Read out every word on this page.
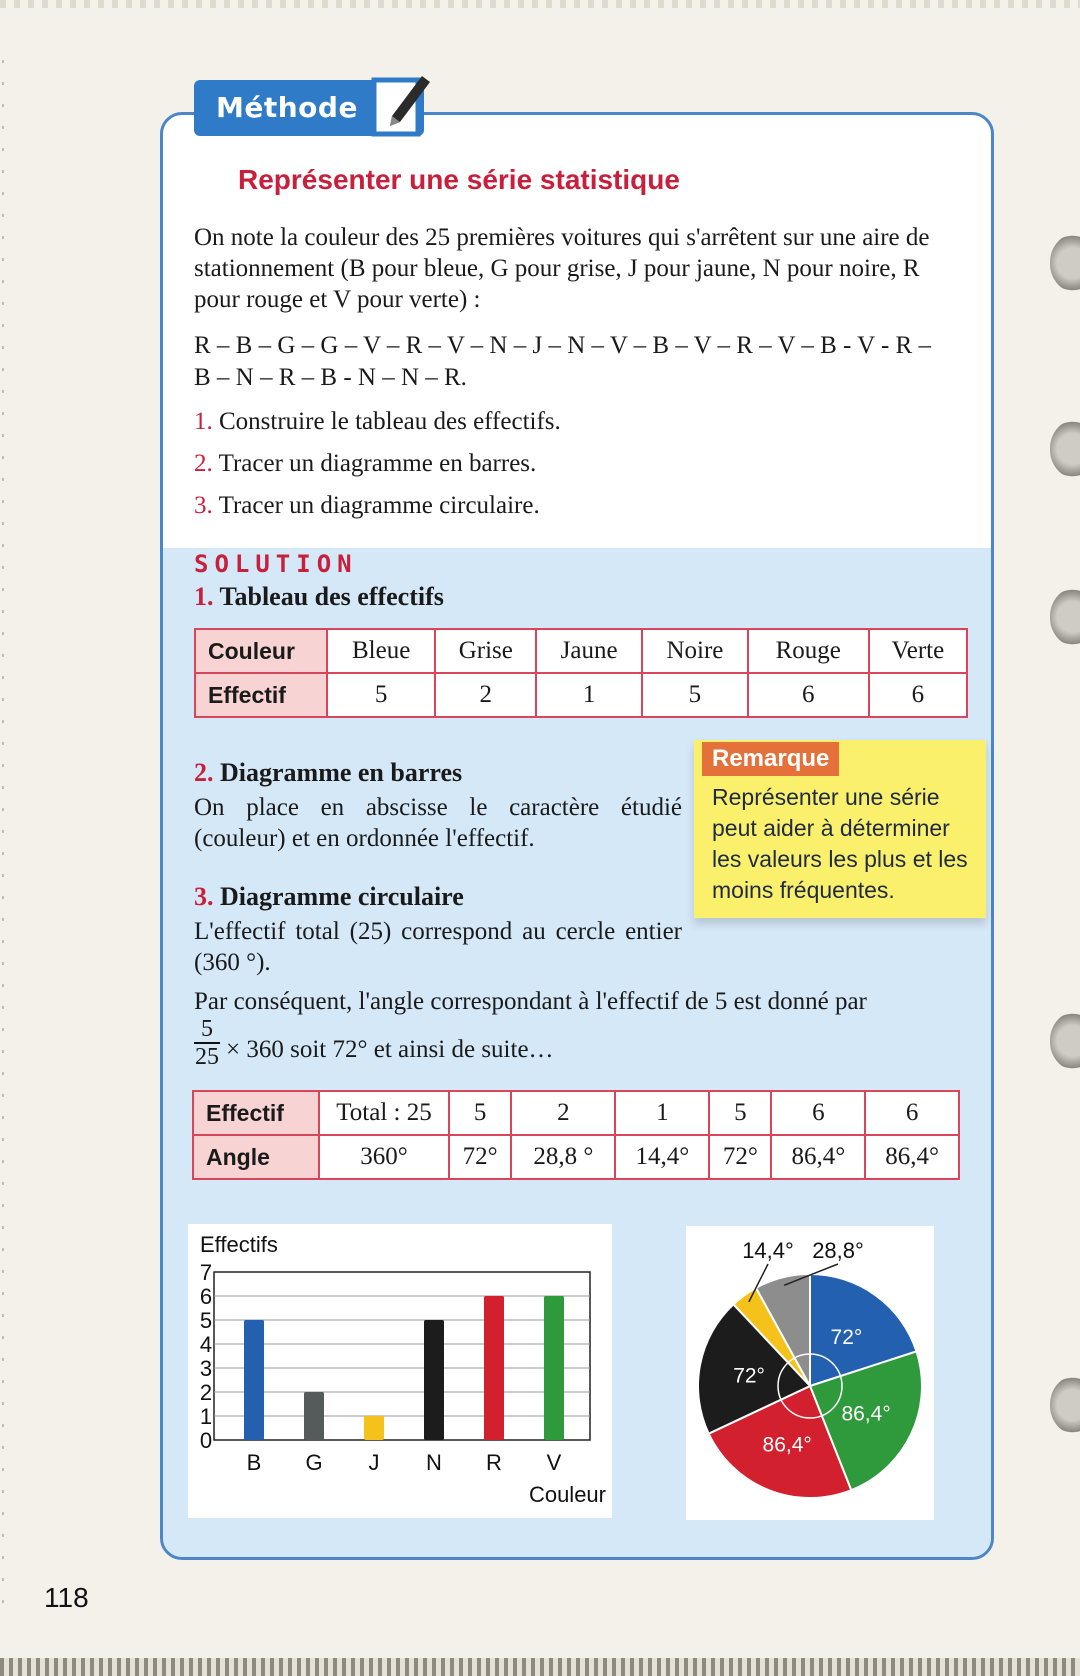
Méthode
Représenter une série statistique
On note la couleur des 25 premières voitures qui s'arrêtent sur une aire de stationnement (B pour bleue, G pour grise, J pour jaune, N pour noire, R pour rouge et V pour verte) :
R – B – G – G – V – R – V – N – J – N – V – B – V – R – V – B - V - R –
B – N – R – B - N – N – R.
1. Construire le tableau des effectifs.
2. Tracer un diagramme en barres.
3. Tracer un diagramme circulaire.
SOLUTION
1. Tableau des effectifs
Couleur	Bleue	Grise	Jaune	Noire	Rouge	Verte
Effectif	5	2	1	5	6	6
2. Diagramme en barres
On place en abscisse le caractère étudié (couleur) et en ordonnée l'effectif.
3. Diagramme circulaire
L'effectif total (25) correspond au cercle entier (360 °).
Par conséquent, l'angle correspondant à l'effectif de 5 est donné par
$\frac{5}{25} \times 360$ soit 72° et ainsi de suite…
Effectif	Total : 25	5	2	1	5	6	6
Angle	360°	72°	28,8 °	14,4°	72°	86,4°	86,4°
Remarque
Représenter une série peut aider à déterminer les valeurs les plus et les moins fréquentes.
Effectifs
0
1
2
3
4
5
6
7
B G J N R V
Couleur
72°
86,4°
86,4°
72°
14,4° 28,8°
118
